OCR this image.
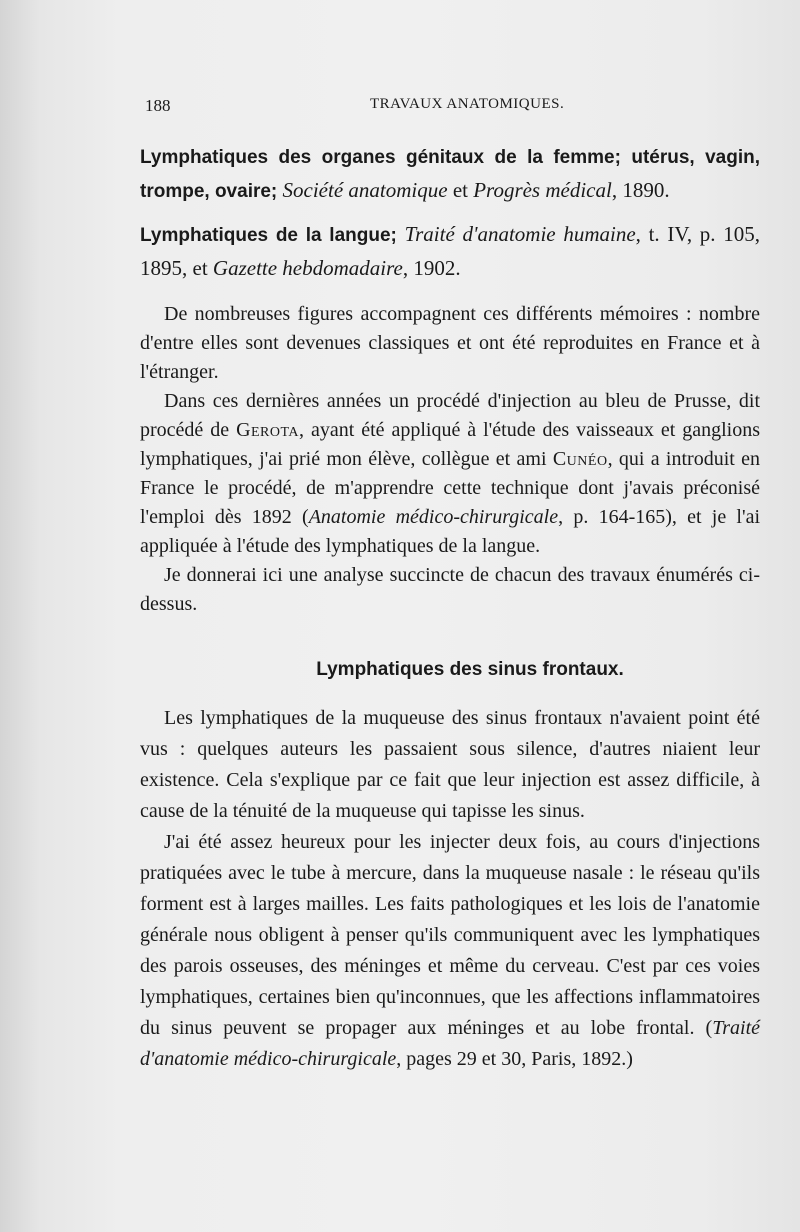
188	TRAVAUX ANATOMIQUES.

Lymphatiques des organes génitaux de la femme; utérus, vagin, trompe, ovaire; Société anatomique et Progrès médical, 1890.

Lymphatiques de la langue; Traité d'anatomie humaine, t. IV, p. 105, 1895, et Gazette hebdomadaire, 1902.

De nombreuses figures accompagnent ces différents mémoires : nombre d'entre elles sont devenues classiques et ont été reproduites en France et à l'étranger.

Dans ces dernières années un procédé d'injection au bleu de Prusse, dit procédé de Gerota, ayant été appliqué à l'étude des vaisseaux et ganglions lymphatiques, j'ai prié mon élève, collègue et ami Cunéo, qui a introduit en France le procédé, de m'apprendre cette technique dont j'avais préconisé l'emploi dès 1892 (Anatomie médico-chirurgicale, p. 164-165), et je l'ai appliquée à l'étude des lymphatiques de la langue.

Je donnerai ici une analyse succincte de chacun des travaux énumérés ci-dessus.

Lymphatiques des sinus frontaux.

Les lymphatiques de la muqueuse des sinus frontaux n'avaient point été vus : quelques auteurs les passaient sous silence, d'autres niaient leur existence. Cela s'explique par ce fait que leur injection est assez difficile, à cause de la ténuité de la muqueuse qui tapisse les sinus.

J'ai été assez heureux pour les injecter deux fois, au cours d'injections pratiquées avec le tube à mercure, dans la muqueuse nasale : le réseau qu'ils forment est à larges mailles. Les faits pathologiques et les lois de l'anatomie générale nous obligent à penser qu'ils communiquent avec les lymphatiques des parois osseuses, des méninges et même du cerveau. C'est par ces voies lymphatiques, certaines bien qu'inconnues, que les affections inflammatoires du sinus peuvent se propager aux méninges et au lobe frontal. (Traité d'anatomie médico-chirurgicale, pages 29 et 30, Paris, 1892.)
